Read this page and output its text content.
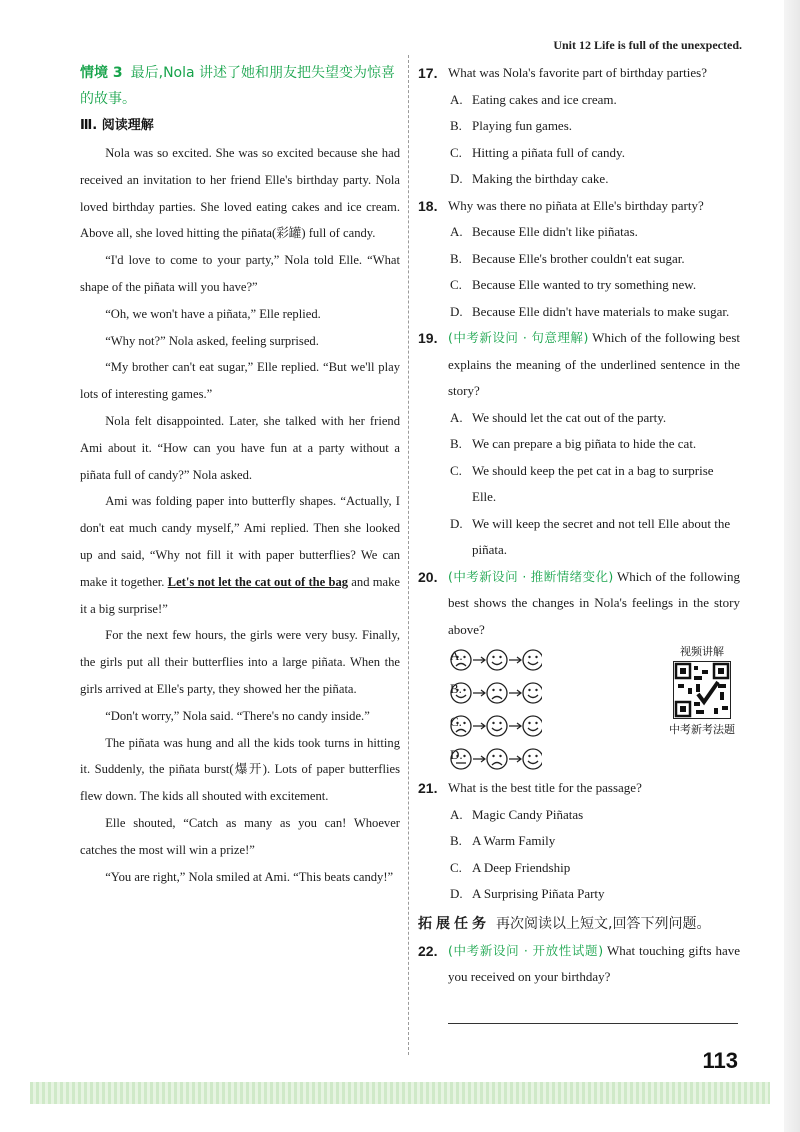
Unit 12 Life is full of the unexpected.
情境 3 最后,Nola 讲述了她和朋友把失望变为惊喜的故事。
Ⅲ. 阅读理解

Nola was so excited. She was so excited because she had received an invitation to her friend Elle's birthday party. Nola loved birthday parties. She loved eating cakes and ice cream. Above all, she loved hitting the piñata(彩罐) full of candy.

“I'd love to come to your party,” Nola told Elle. “What shape of the piñata will you have?”

“Oh, we won't have a piñata,” Elle replied.

“Why not?” Nola asked, feeling surprised.

“My brother can't eat sugar,” Elle replied. “But we'll play lots of interesting games.”

Nola felt disappointed. Later, she talked with her friend Ami about it. “How can you have fun at a party without a piñata full of candy?” Nola asked.

Ami was folding paper into butterfly shapes. “Actually, I don't eat much candy myself,” Ami replied. Then she looked up and said, “Why not fill it with paper butterflies? We can make it together. Let's not let the cat out of the bag and make it a big surprise!”

For the next few hours, the girls were very busy. Finally, the girls put all their butterflies into a large piñata. When the girls arrived at Elle's party, they showed her the piñata.

“Don't worry,” Nola said. “There's no candy inside.”

The piñata was hung and all the kids took turns in hitting it. Suddenly, the piñata burst(爆开). Lots of paper butterflies flew down. The kids all shouted with excitement.

Elle shouted, “Catch as many as you can! Whoever catches the most will win a prize!”

“You are right,” Nola smiled at Ami. “This beats candy!”

17. What was Nola's favorite part of birthday parties?
A. Eating cakes and ice cream.
B. Playing fun games.
C. Hitting a piñata full of candy.
D. Making the birthday cake.
18. Why was there no piñata at Elle's birthday party?
A. Because Elle didn't like piñatas.
B. Because Elle's brother couldn't eat sugar.
C. Because Elle wanted to try something new.
D. Because Elle didn't have materials to make sugar.
19. (中考新设问 · 句意理解) Which of the following best explains the meaning of the underlined sentence in the story?
A. We should let the cat out of the party.
B. We can prepare a big piñata to hide the cat.
C. We should keep the pet cat in a bag to surprise Elle.
D. We will keep the secret and not tell Elle about the piñata.
20. (中考新设问 · 推断情绪变化) Which of the following best shows the changes in Nola's feelings in the story above?
A.
B.
C.
D.
视频讲解
中考新考法题
21. What is the best title for the passage?
A. Magic Candy Piñatas
B. A Warm Family
C. A Deep Friendship
D. A Surprising Piñata Party
拓展任务 再次阅读以上短文,回答下列问题。
22. (中考新设问 · 开放性试题) What touching gifts have you received on your birthday?
113
